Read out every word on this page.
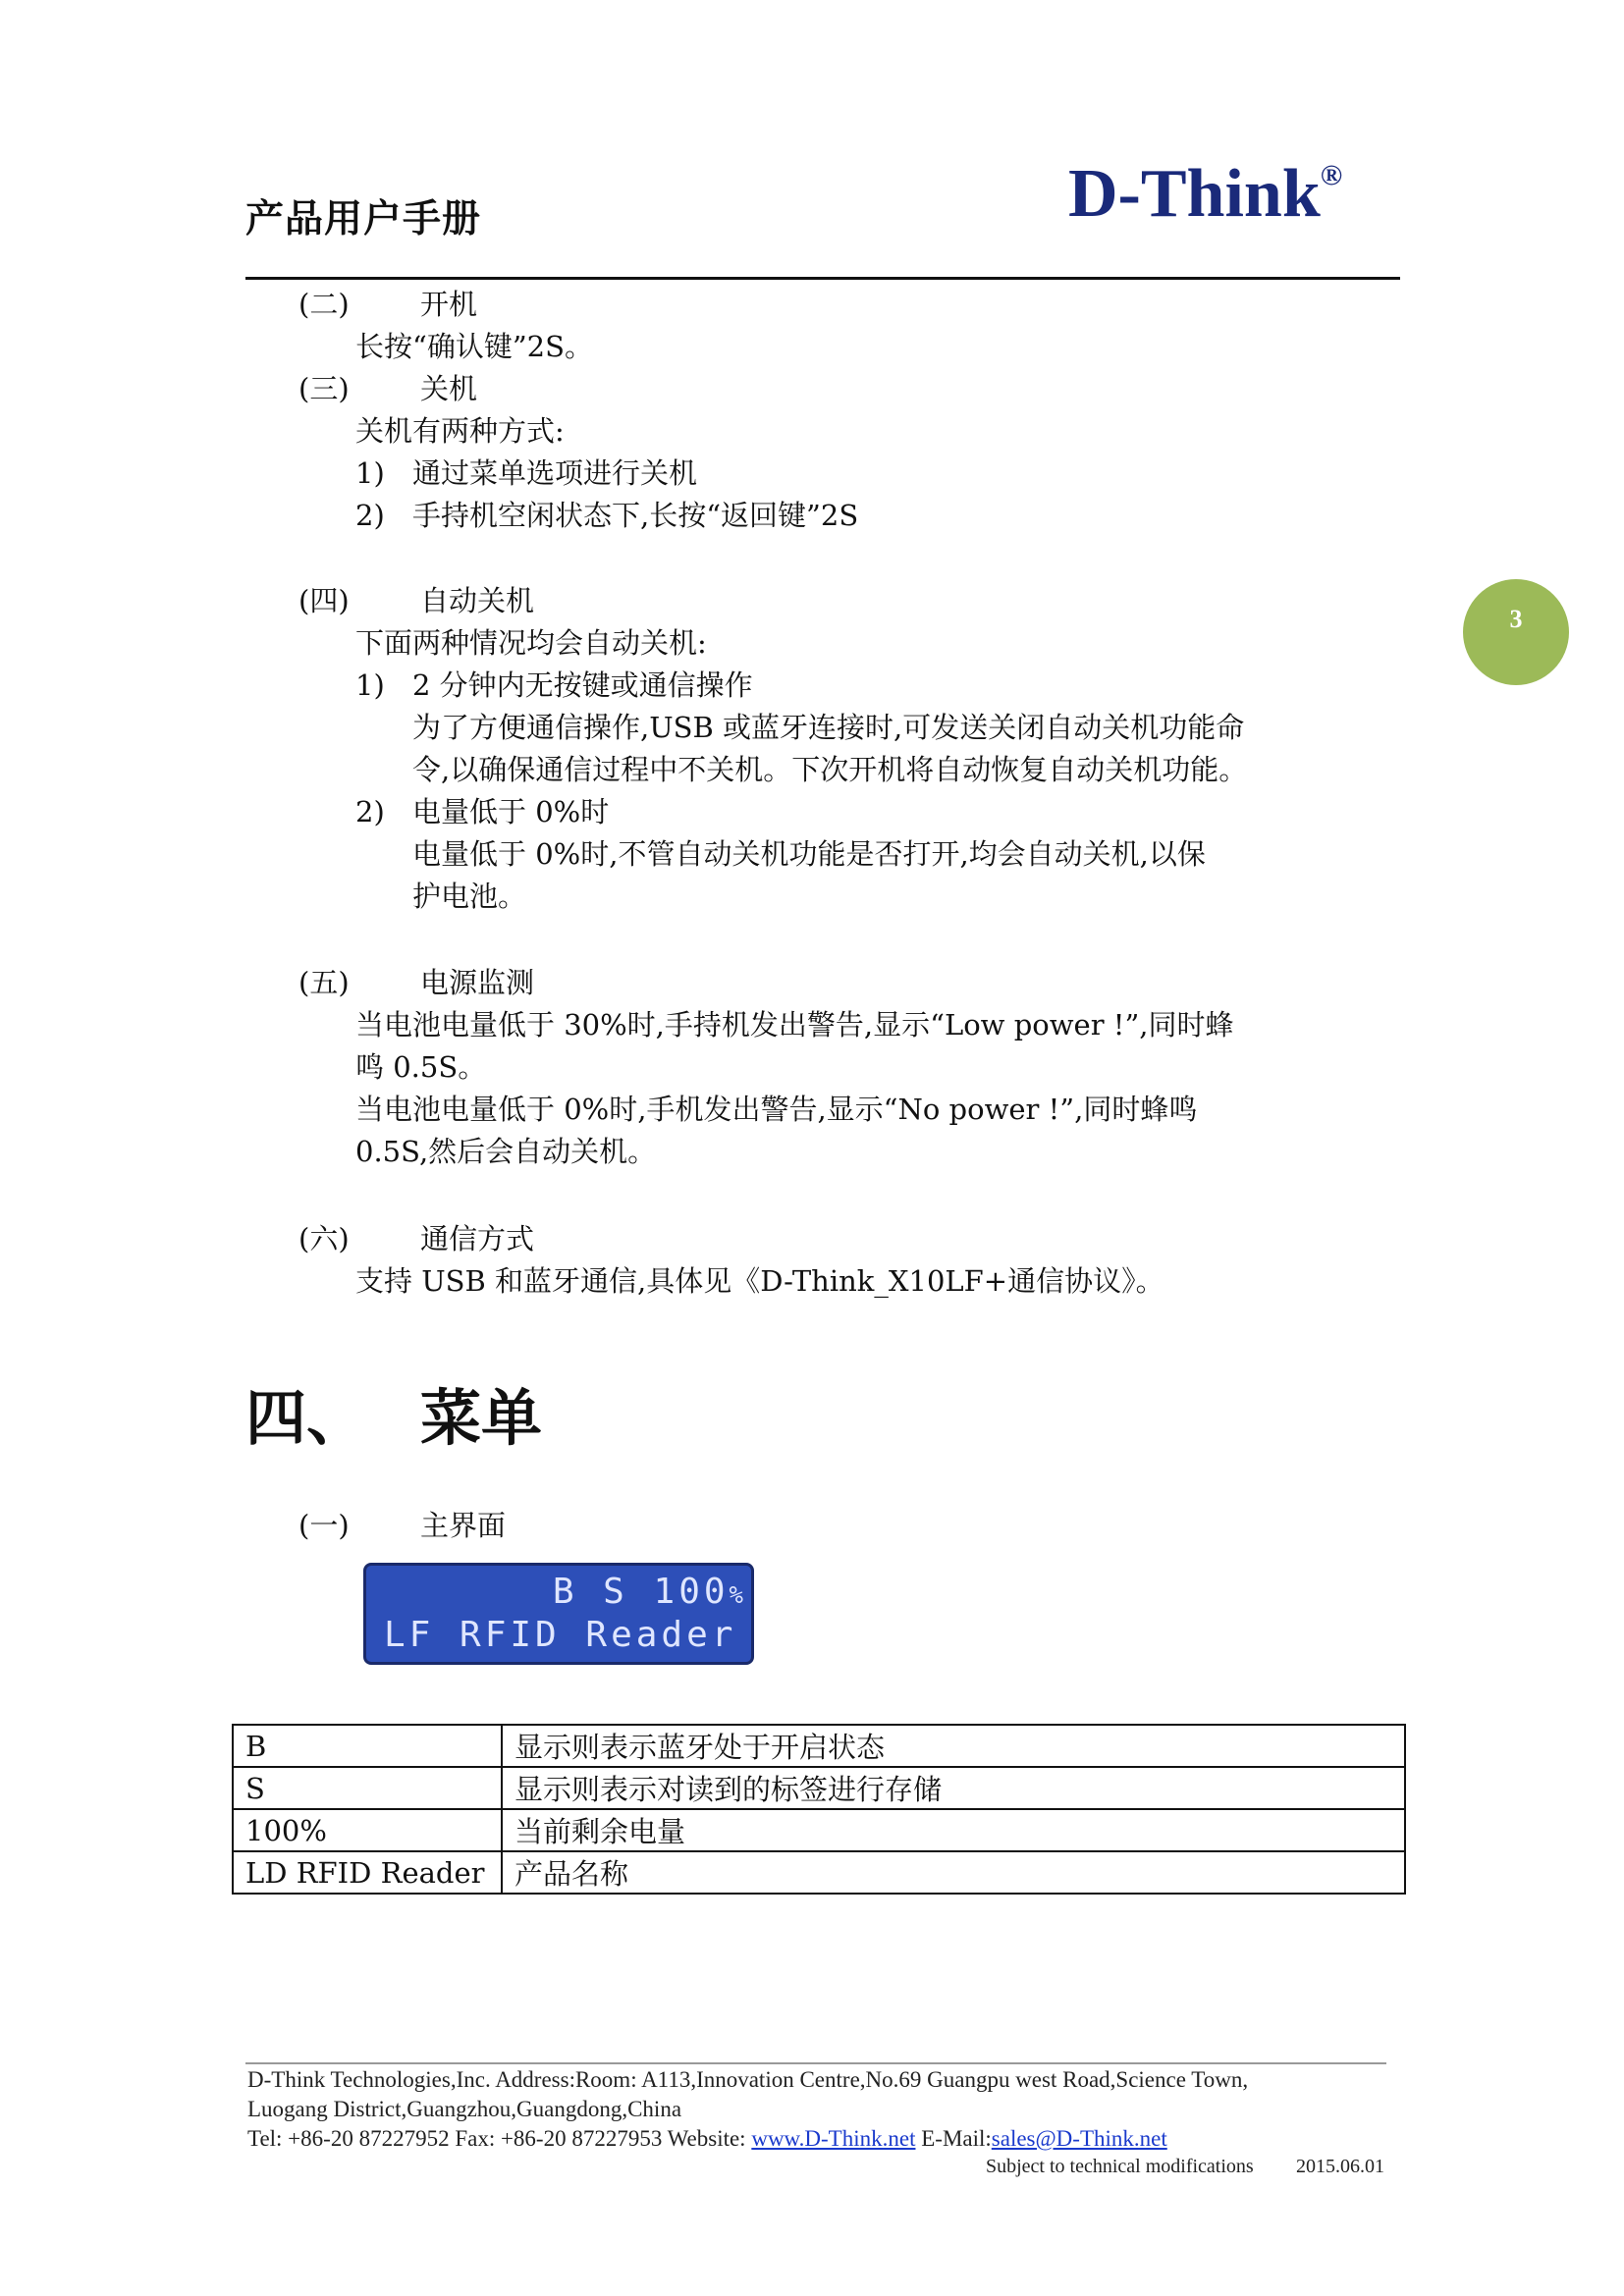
产品用户手册	D-Think®
3
(二) 开机
长按“确认键”2S。
(三) 关机
关机有两种方式:
1) 通过菜单选项进行关机
2) 手持机空闲状态下,长按“返回键”2S
(四) 自动关机
下面两种情况均会自动关机:
1) 2 分钟内无按键或通信操作
为了方便通信操作,USB 或蓝牙连接时,可发送关闭自动关机功能命
令,以确保通信过程中不关机。下次开机将自动恢复自动关机功能。
2) 电量低于 0%时
电量低于 0%时,不管自动关机功能是否打开,均会自动关机,以保
护电池。
(五) 电源监测
当电池电量低于 30%时,手持机发出警告,显示“Low power !”,同时蜂
鸣 0.5S。
当电池电量低于 0%时,手机发出警告,显示“No power !”,同时蜂鸣
0.5S,然后会自动关机。
(六) 通信方式
支持 USB 和蓝牙通信,具体见《D-Think_X10LF+通信协议》。
四、 菜单
(一) 主界面
B S 100%
LF RFID Reader
B	显示则表示蓝牙处于开启状态
S	显示则表示对读到的标签进行存储
100%	当前剩余电量
LD RFID Reader	产品名称
D-Think Technologies,Inc. Address:Room: A113,Innovation Centre,No.69 Guangpu west Road,Science Town,
Luogang District,Guangzhou,Guangdong,China
Tel: +86-20 87227952 Fax: +86-20 87227953 Website: www.D-Think.net E-Mail:sales@D-Think.net
Subject to technical modifications 2015.06.01
